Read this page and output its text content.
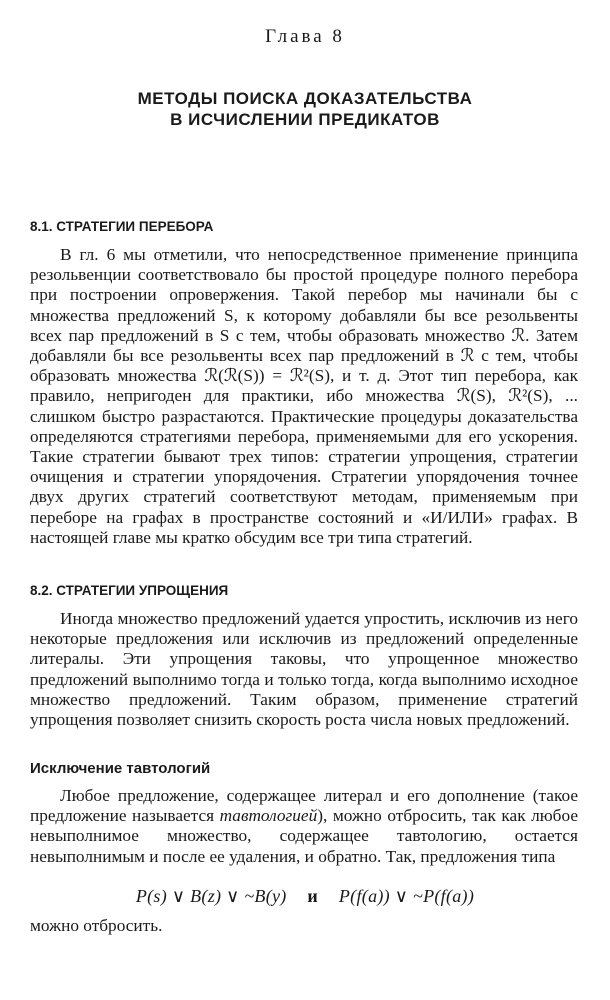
Глава 8
МЕТОДЫ ПОИСКА ДОКАЗАТЕЛЬСТВА
В ИСЧИСЛЕНИИ ПРЕДИКАТОВ
8.1. СТРАТЕГИИ ПЕРЕБОРА
В гл. 6 мы отметили, что непосредственное применение принципа резольвенции соответствовало бы простой процедуре полного перебора при построении опровержения. Такой перебор мы начинали бы с множества предложений S, к которому добавляли бы все резольвенты всех пар предложений в S с тем, чтобы образовать множество ℛ. Затем добавляли бы все резольвенты всех пар предложений в ℛ с тем, чтобы образовать множества ℛ(ℛ(S)) = ℛ²(S), и т. д. Этот тип перебора, как правило, непригоден для практики, ибо множества ℛ(S), ℛ²(S), ... слишком быстро разрастаются. Практические процедуры доказательства определяются стратегиями перебора, применяемыми для его ускорения. Такие стратегии бывают трех типов: стратегии упрощения, стратегии очищения и стратегии упорядочения. Стратегии упорядочения точнее двух других стратегий соответствуют методам, применяемым при переборе на графах в пространстве состояний и «И/ИЛИ» графах. В настоящей главе мы кратко обсудим все три типа стратегий.
8.2. СТРАТЕГИИ УПРОЩЕНИЯ
Иногда множество предложений удается упростить, исключив из него некоторые предложения или исключив из предложений определенные литералы. Эти упрощения таковы, что упрощенное множество предложений выполнимо тогда и только тогда, когда выполнимо исходное множество предложений. Таким образом, применение стратегий упрощения позволяет снизить скорость роста числа новых предложений.
Исключение тавтологий
Любое предложение, содержащее литерал и его дополнение (такое предложение называется тавтологией), можно отбросить, так как любое невыполнимое множество, содержащее тавтологию, остается невыполнимым и после ее удаления, и обратно. Так, предложения типа
P(s) ∨ B(z) ∨ ~B(y) и P(f(a)) ∨ ~P(f(a))
можно отбросить.
